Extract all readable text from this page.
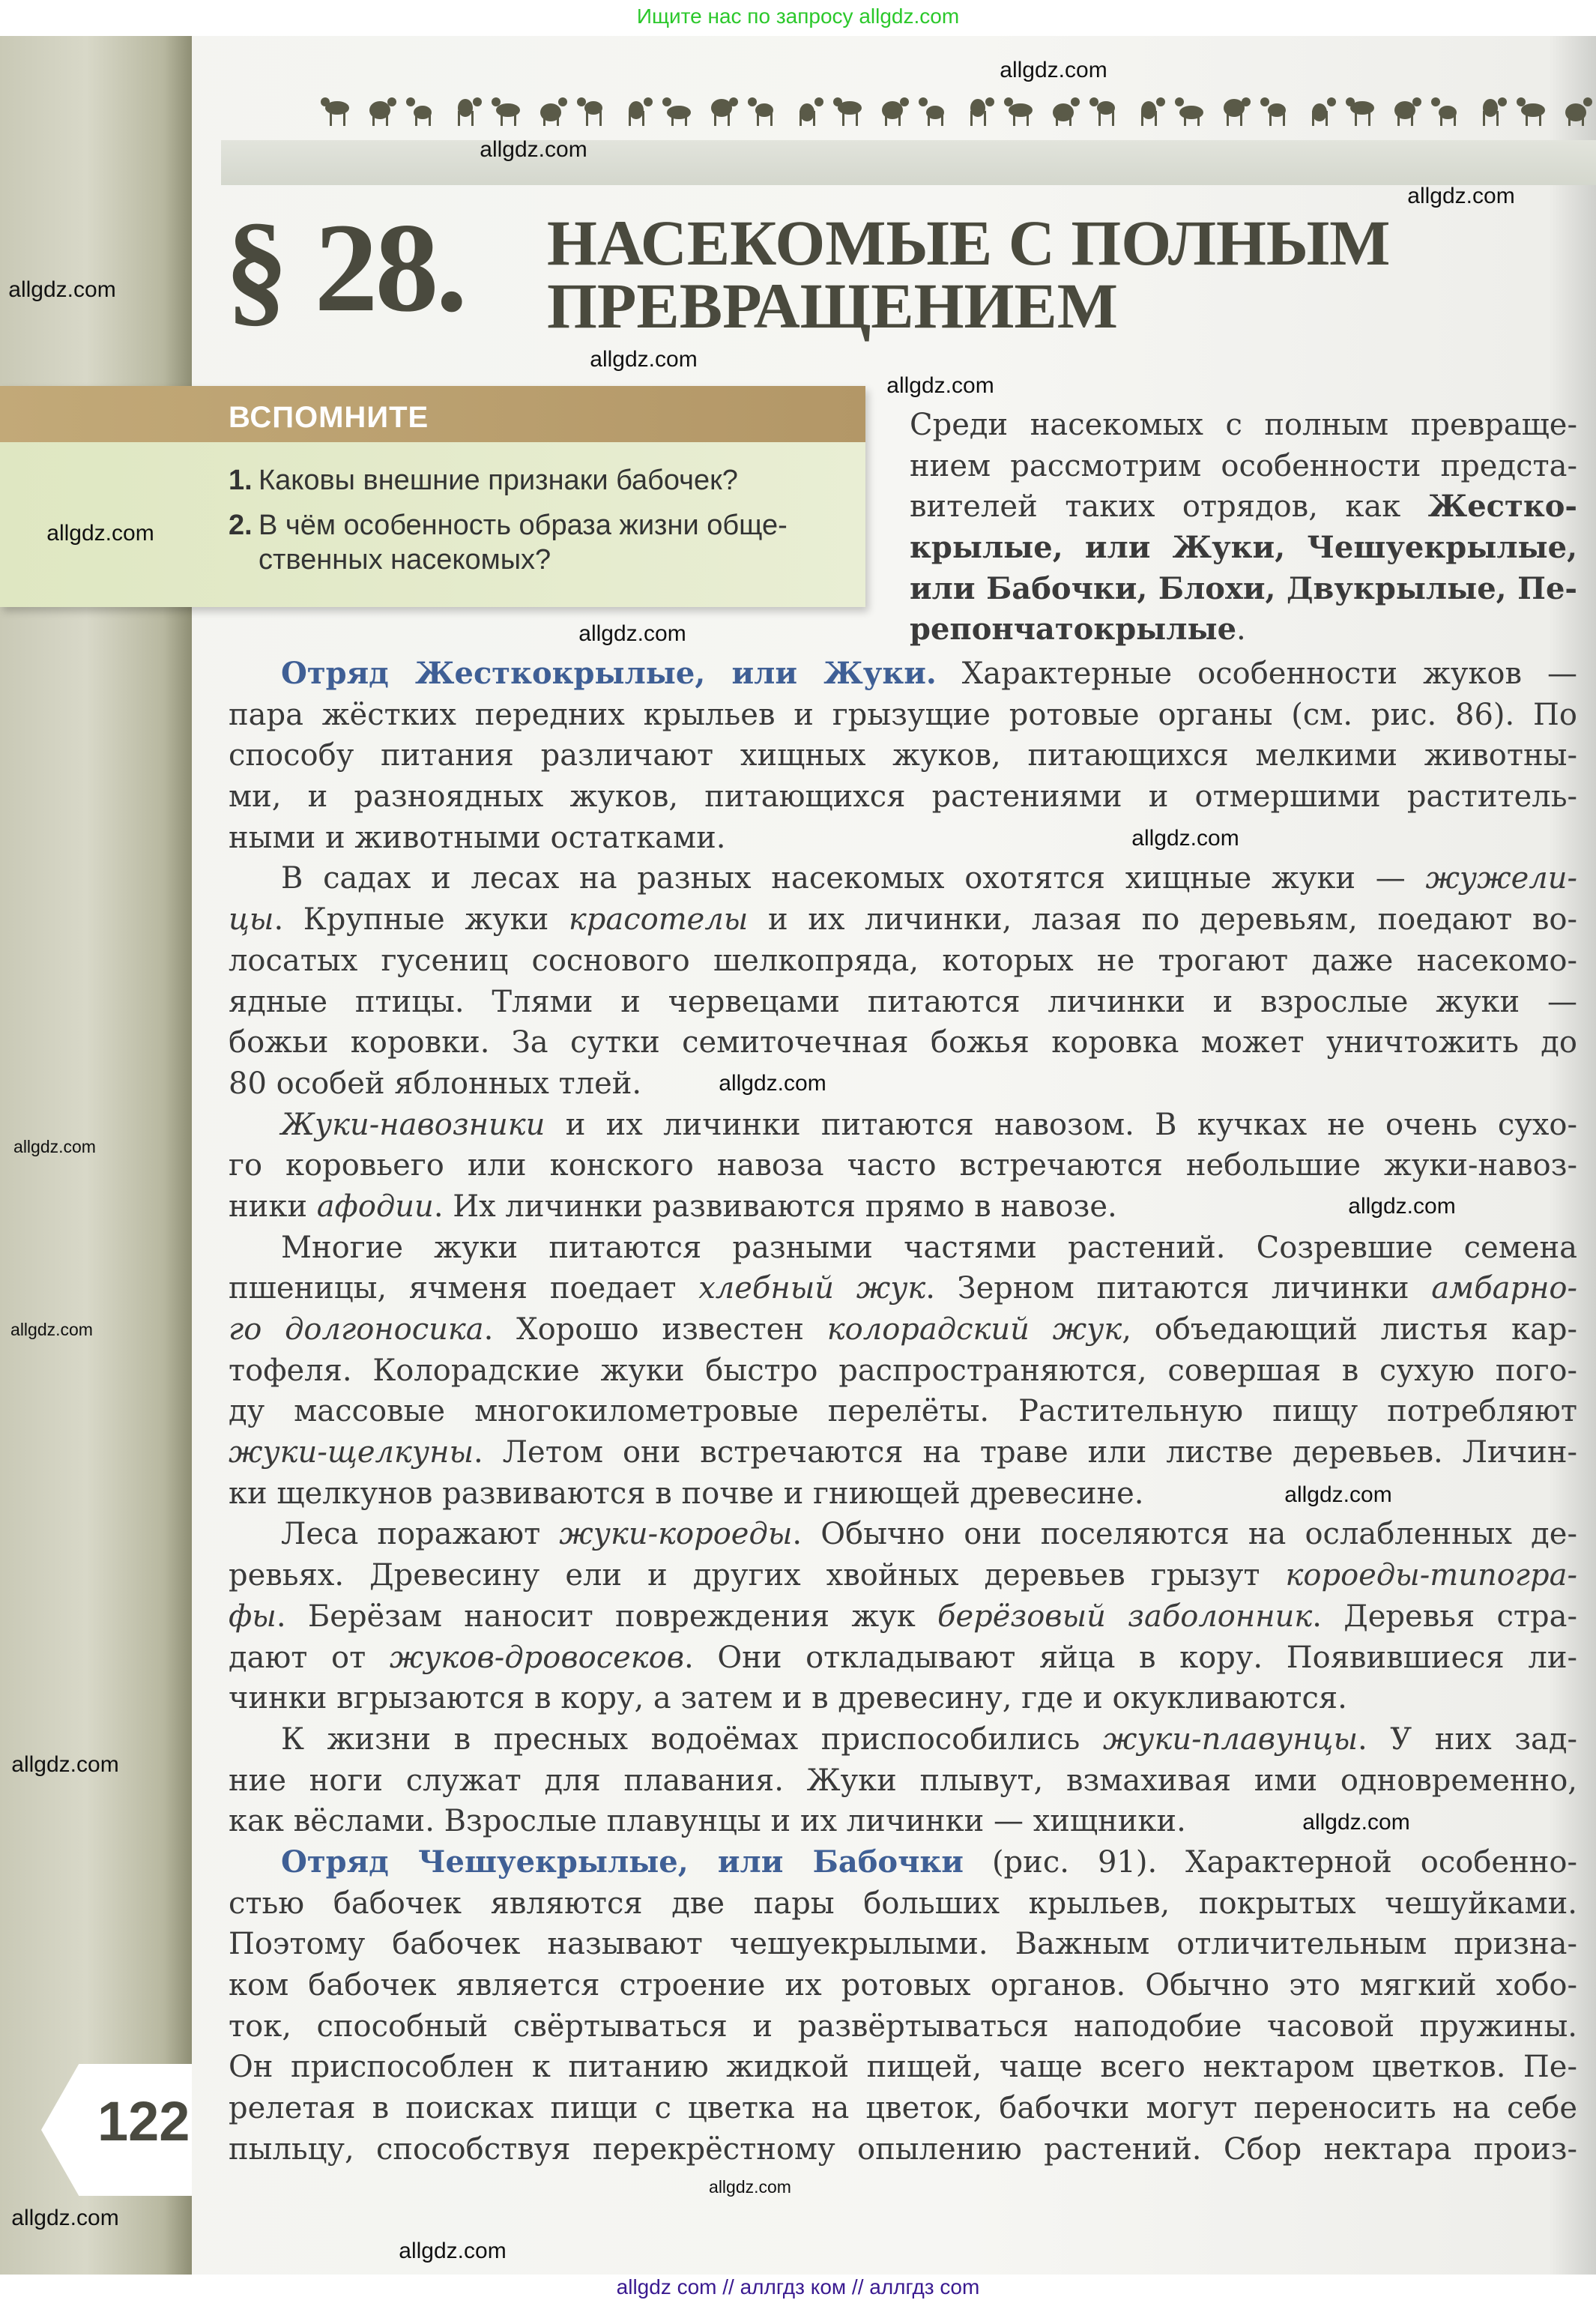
Ищите нас по запросу allgdz.com
§ 28. НАСЕКОМЫЕ С ПОЛНЫМ
ПРЕВРАЩЕНИЕМ
ВСПОМНИТЕ
1. Каковы внешние признаки бабочек?
2. В чём особенность образа жизни обще-
ственных насекомых?
Среди насекомых с полным превраще-
нием рассмотрим особенности предста-
вителей таких отрядов, как Жестко-
крылые, или Жуки, Чешуекрылые,
или Бабочки, Блохи, Двукрылые, Пе-
репончатокрылые.
Отряд Жесткокрылые, или Жуки. Характерные особенности жуков —
пара жёстких передних крыльев и грызущие ротовые органы (см. рис. 86). По
способу питания различают хищных жуков, питающихся мелкими животны-
ми, и разноядных жуков, питающихся растениями и отмершими раститель-
ными и животными остатками.
В садах и лесах на разных насекомых охотятся хищные жуки — жужели-
цы. Крупные жуки красотелы и их личинки, лазая по деревьям, поедают во-
лосатых гусениц соснового шелкопряда, которых не трогают даже насекомо-
ядные птицы. Тлями и червецами питаются личинки и взрослые жуки —
божьи коровки. За сутки семиточечная божья коровка может уничтожить до
80 особей яблонных тлей.
Жуки-навозники и их личинки питаются навозом. В кучках не очень сухо-
го коровьего или конского навоза часто встречаются небольшие жуки-навоз-
ники афодии. Их личинки развиваются прямо в навозе.
Многие жуки питаются разными частями растений. Созревшие семена
пшеницы, ячменя поедает хлебный жук. Зерном питаются личинки амбарно-
го долгоносика. Хорошо известен колорадский жук, объедающий листья кар-
тофеля. Колорадские жуки быстро распространяются, совершая в сухую пого-
ду массовые многокилометровые перелёты. Растительную пищу потребляют
жуки-щелкуны. Летом они встречаются на траве или листве деревьев. Личин-
ки щелкунов развиваются в почве и гниющей древесине.
Леса поражают жуки-короеды. Обычно они поселяются на ослабленных де-
ревьях. Древесину ели и других хвойных деревьев грызут короеды-типогра-
фы. Берёзам наносит повреждения жук берёзовый заболонник. Деревья стра-
дают от жуков-дровосеков. Они откладывают яйца в кору. Появившиеся ли-
чинки вгрызаются в кору, а затем и в древесину, где и окукливаются.
К жизни в пресных водоёмах приспособились жуки-плавунцы. У них зад-
ние ноги служат для плавания. Жуки плывут, взмахивая ими одновременно,
как вёслами. Взрослые плавунцы и их личинки — хищники.
Отряд Чешуекрылые, или Бабочки (рис. 91). Характерной особенно-
стью бабочек являются две пары больших крыльев, покрытых чешуйками.
Поэтому бабочек называют чешуекрылыми. Важным отличительным призна-
ком бабочек является строение их ротовых органов. Обычно это мягкий хобо-
ток, способный свёртываться и развёртываться наподобие часовой пружины.
Он приспособлен к питанию жидкой пищей, чаще всего нектаром цветков. Пе-
релетая в поисках пищи с цветка на цветок, бабочки могут переносить на себе
пыльцу, способствуя перекрёстному опылению растений. Сбор нектара произ-
122
allgdz.com
allgdz.com
allgdz.com
allgdz.com
allgdz.com
allgdz.com
allgdz.com
allgdz.com
allgdz.com
allgdz.com
allgdz.com
allgdz.com
allgdz.com
allgdz.com
allgdz.com
allgdz.com
allgdz.com
allgdz.com
allgdz.com
allgdz com // аллгдз ком // аллгдз com
